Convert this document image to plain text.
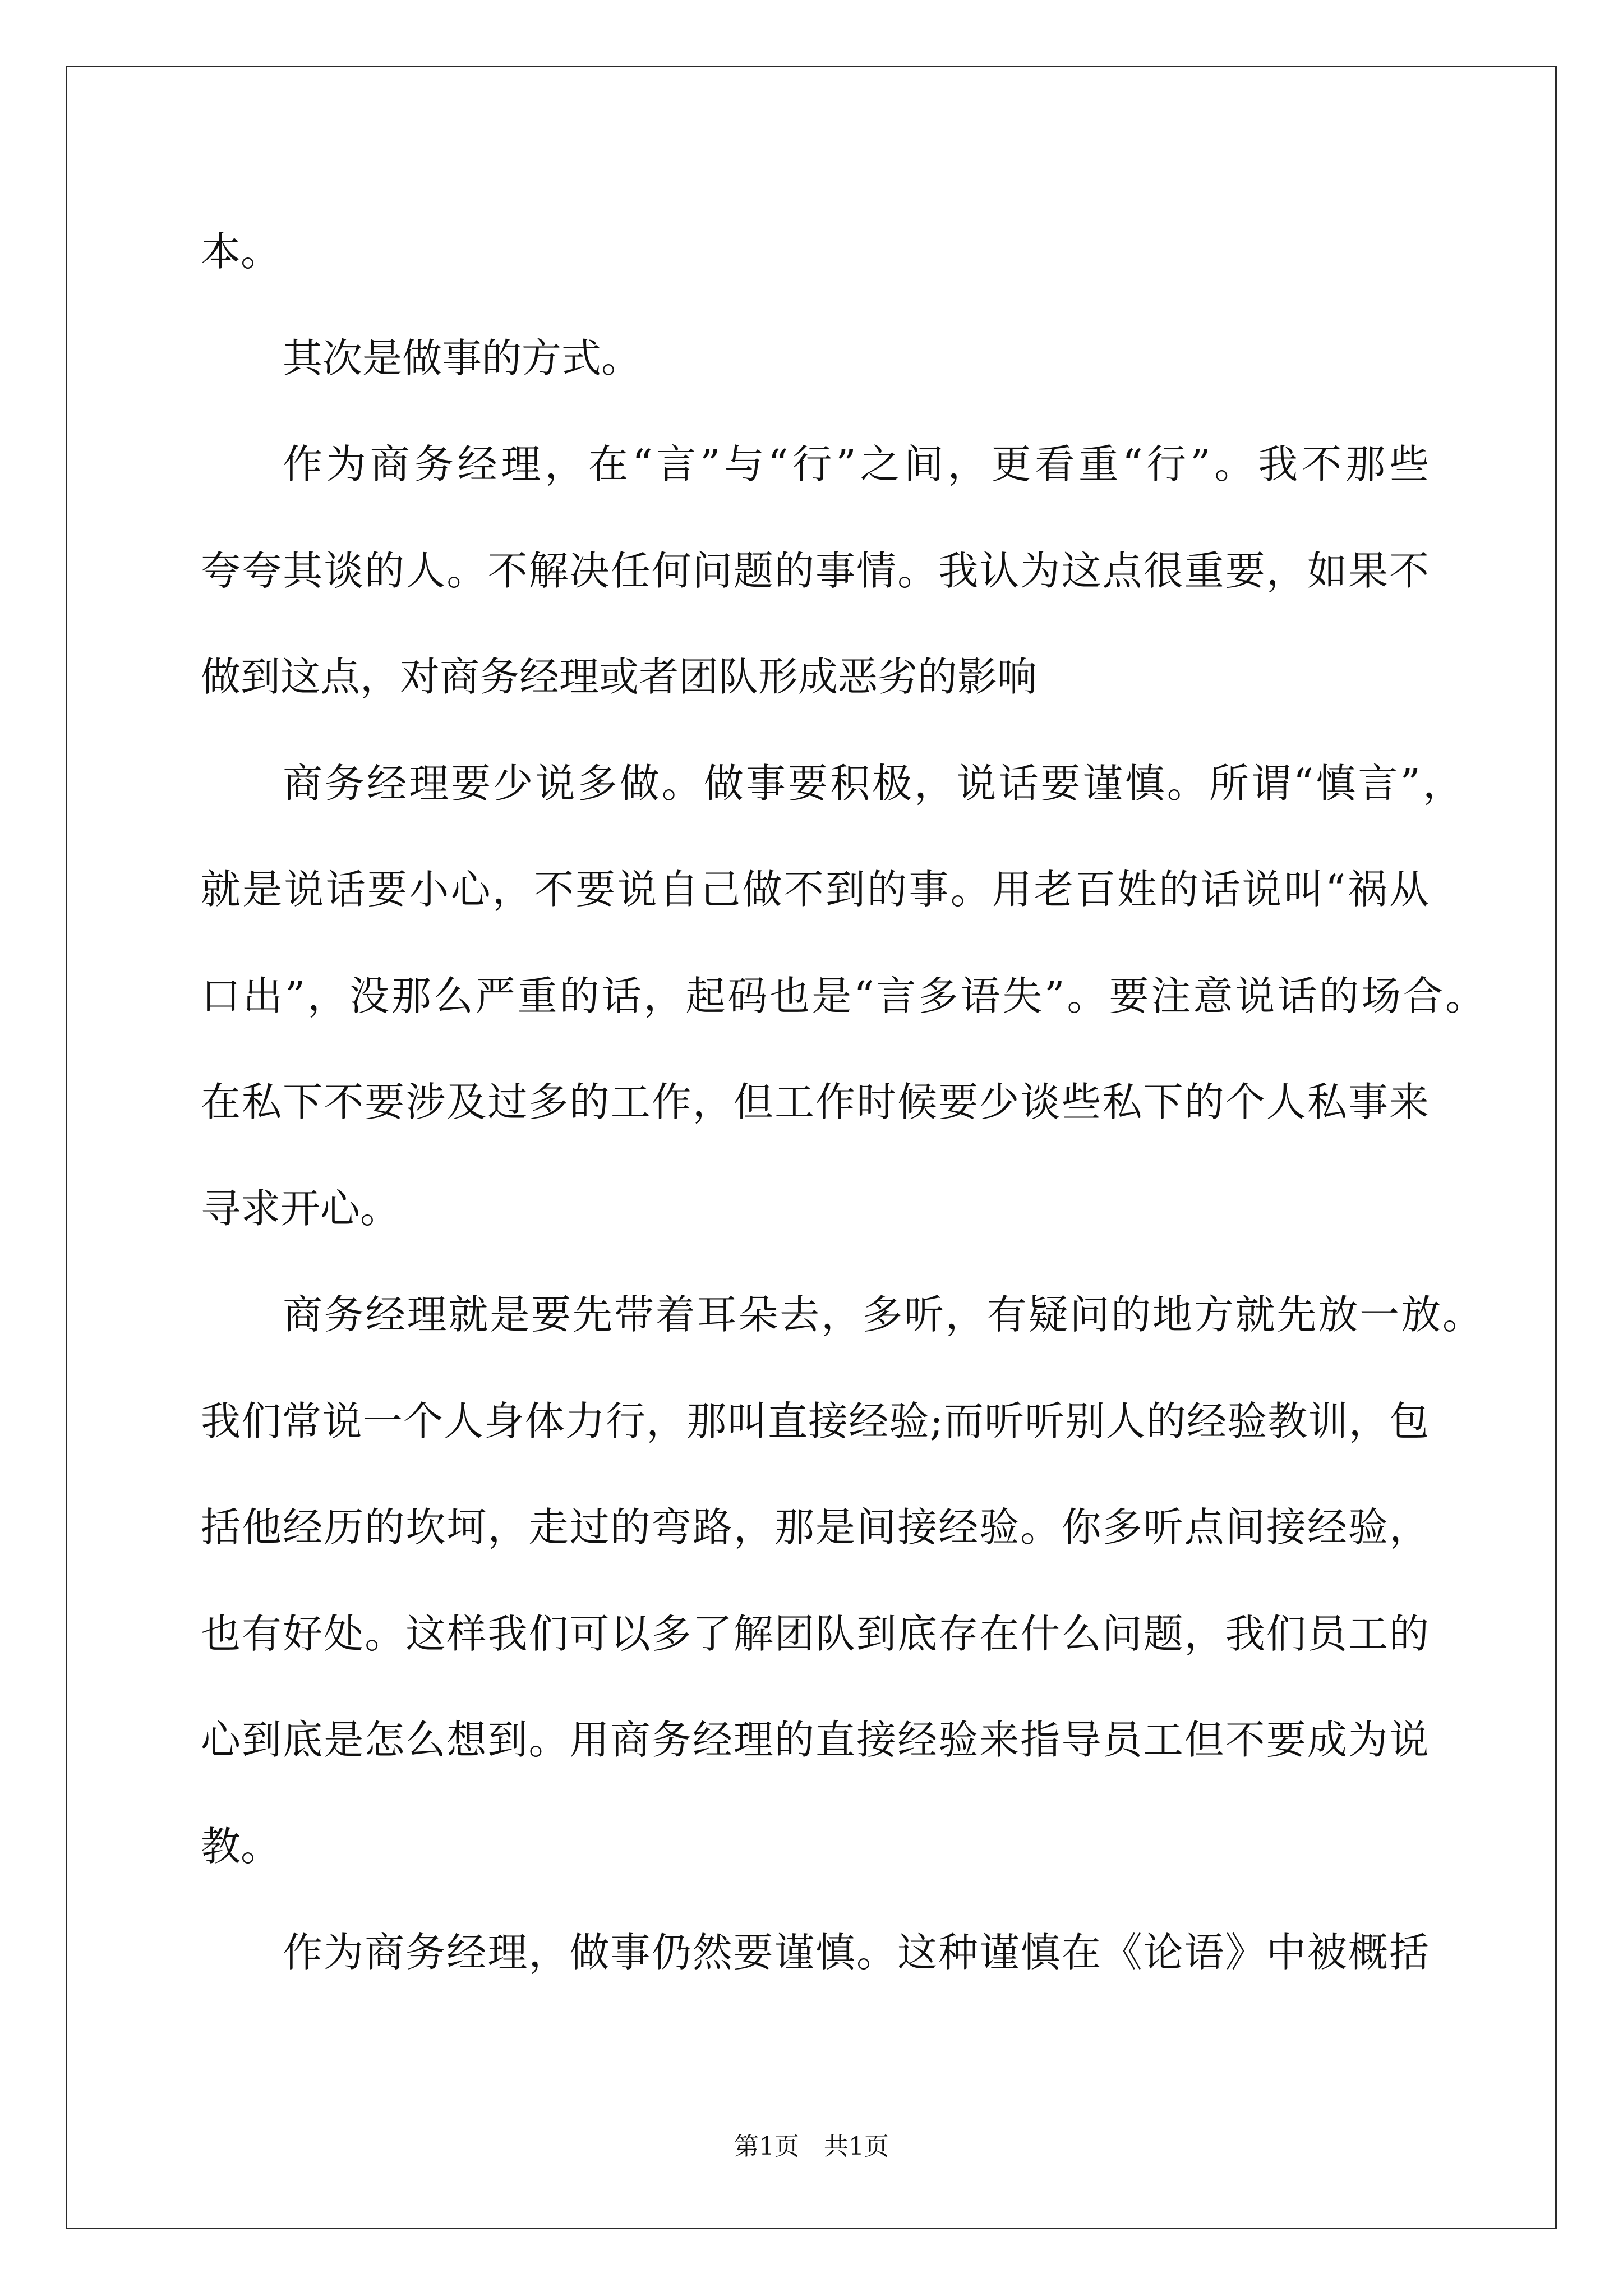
本。
其次是做事的方式。
作为商务经理，在“言”与“行”之间，更看重“行”。我不那些
夸夸其谈的人。不解决任何问题的事情。我认为这点很重要，如果不
做到这点，对商务经理或者团队形成恶劣的影响
商务经理要少说多做。做事要积极，说话要谨慎。所谓“慎言”，
就是说话要小心，不要说自己做不到的事。用老百姓的话说叫“祸从
口出”，没那么严重的话，起码也是“言多语失”。要注意说话的场合。
在私下不要涉及过多的工作，但工作时候要少谈些私下的个人私事来
寻求开心。
商务经理就是要先带着耳朵去，多听，有疑问的地方就先放一放。
我们常说一个人身体力行，那叫直接经验;而听听别人的经验教训，包
括他经历的坎坷，走过的弯路，那是间接经验。你多听点间接经验，
也有好处。这样我们可以多了解团队到底存在什么问题，我们员工的
心到底是怎么想到。用商务经理的直接经验来指导员工但不要成为说
教。
作为商务经理，做事仍然要谨慎。这种谨慎在《论语》中被概括
第1页 共1页
